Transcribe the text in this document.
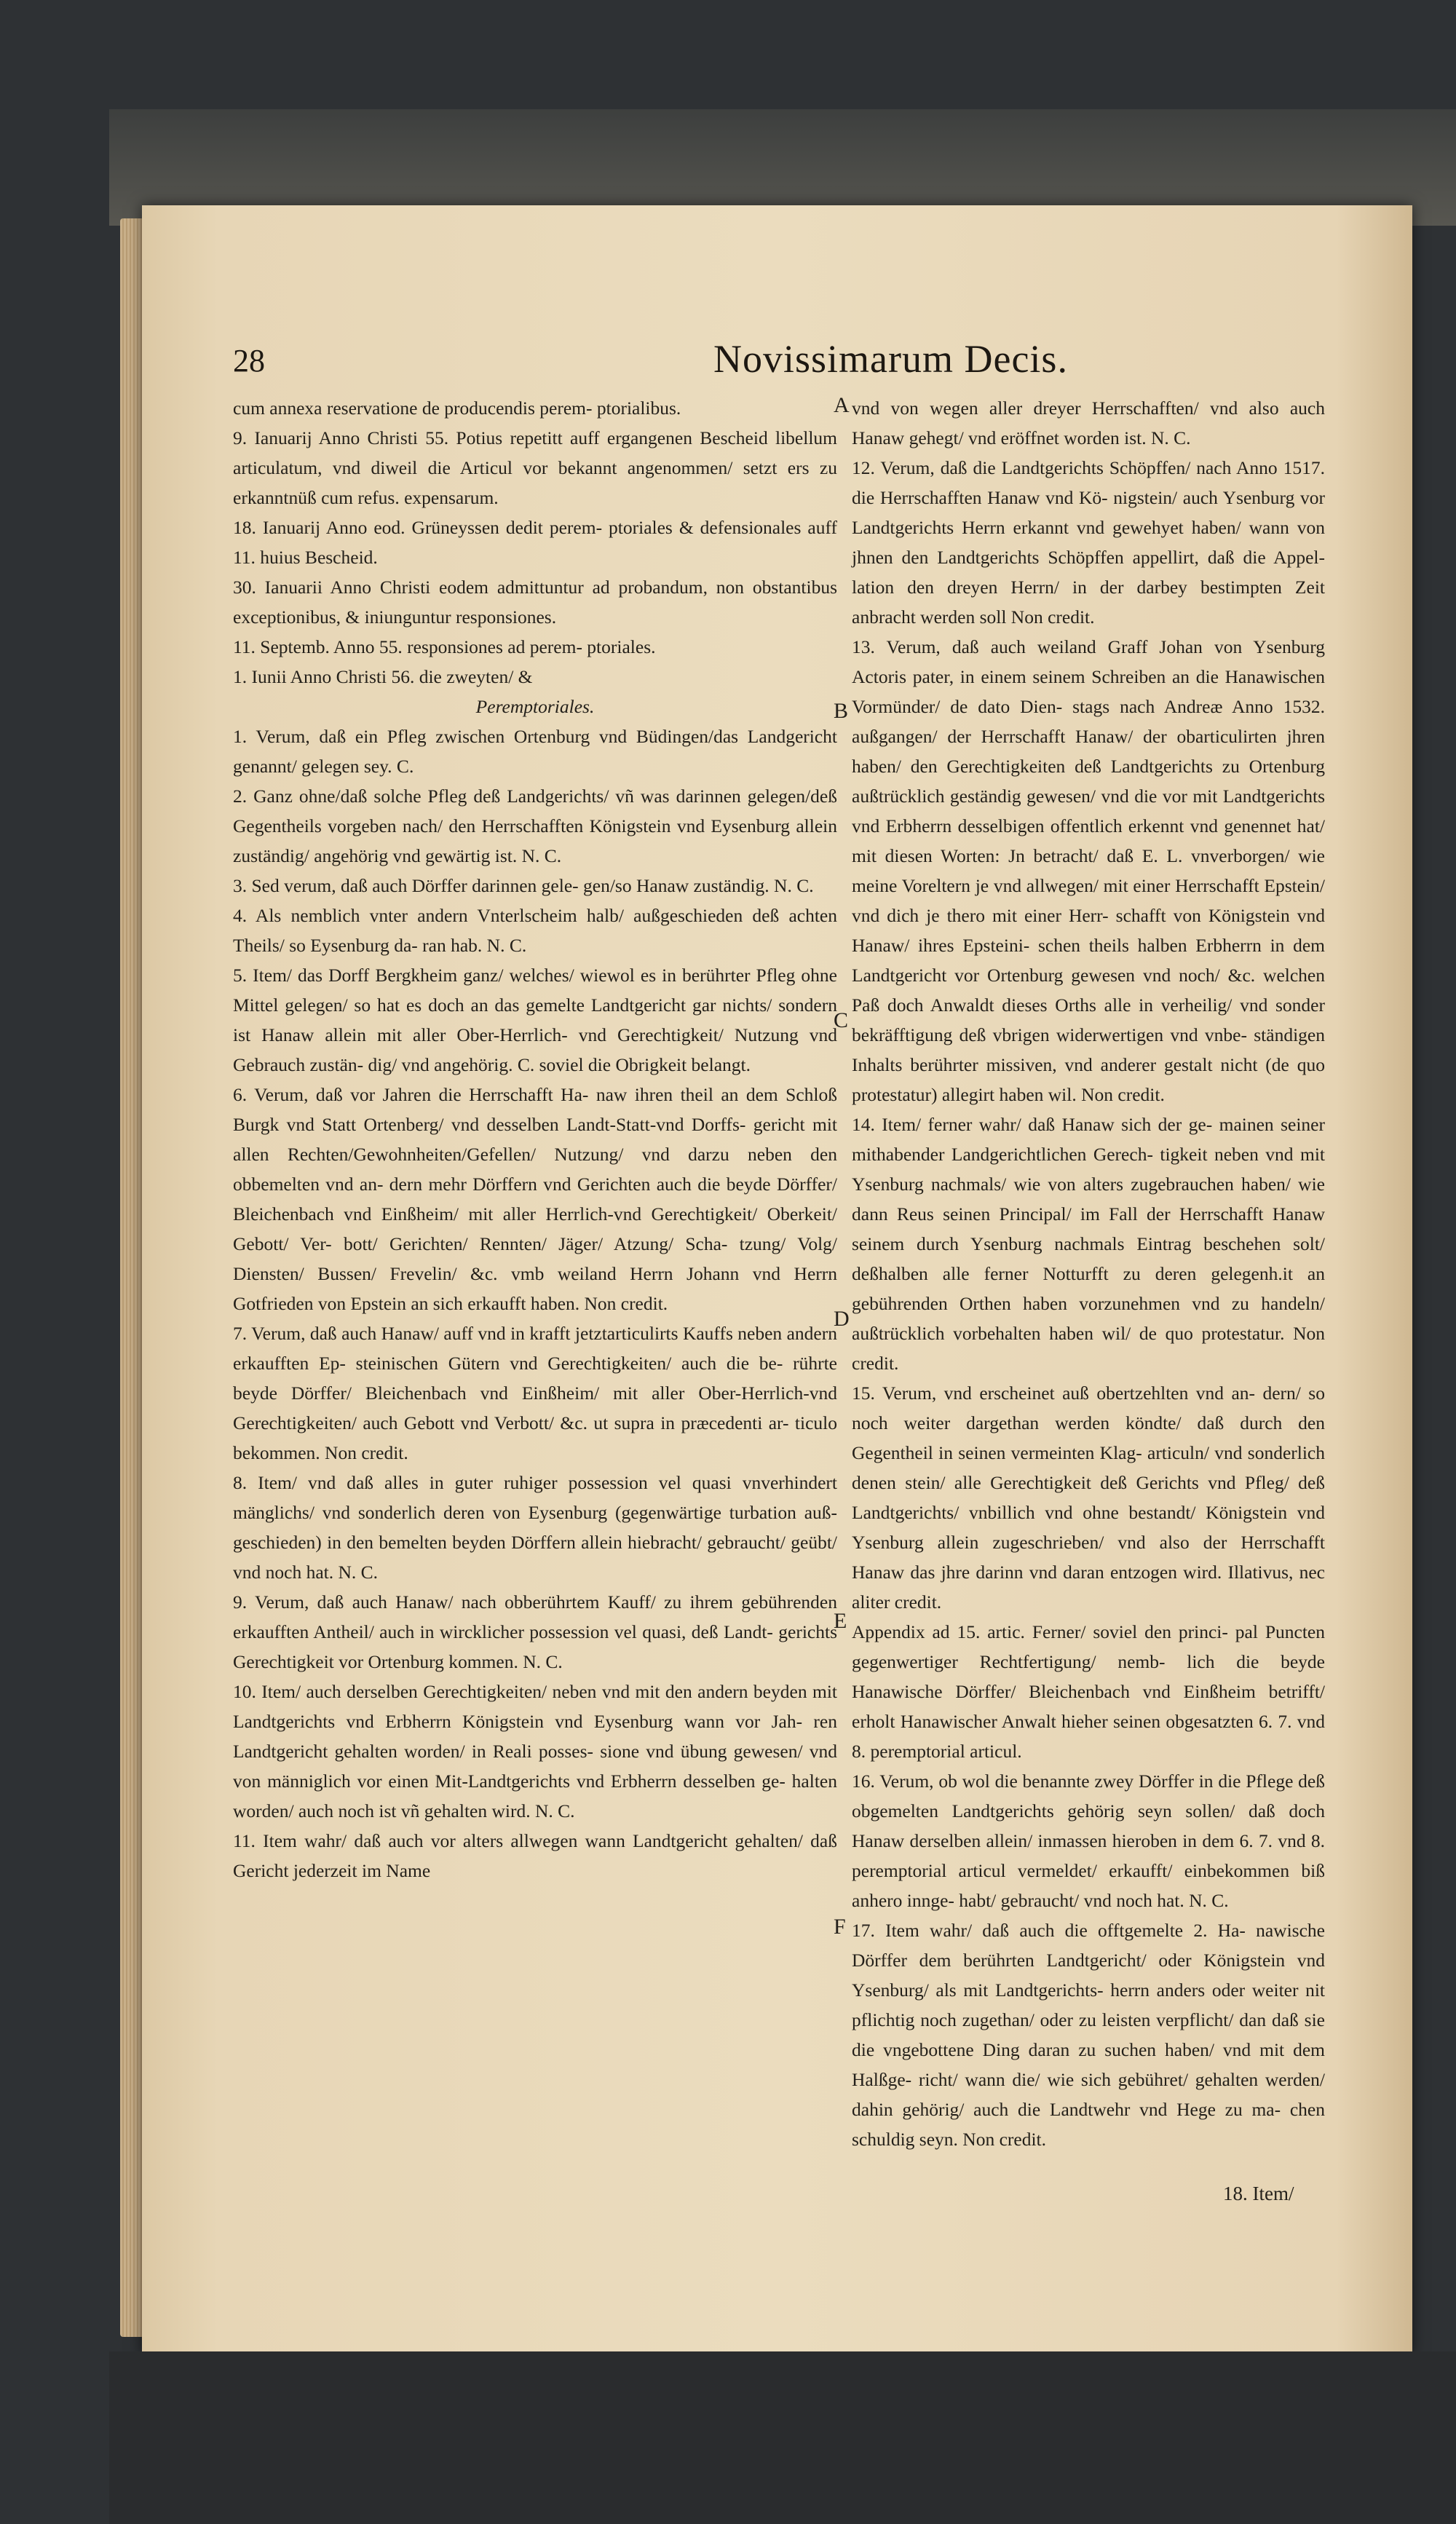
28	Novissimarum Decis.

cum annexa reservatione de producendis perem- ptorialibus.

9. Ianuarij Anno Christi 55. Potius repetitt auff ergangenen Bescheid libellum articulatum, vnd diweil die Articul vor bekannt angenommen/ setzt ers zu erkanntnüß cum refus. expensarum.

18. Ianuarij Anno eod. Grüneyssen dedit perem- ptoriales & defensionales auff 11. huius Bescheid.

30. Ianuarii Anno Christi eodem admittuntur ad probandum, non obstantibus exceptionibus, & iniunguntur responsiones.

11. Septemb. Anno 55. responsiones ad perem- ptoriales.

1. Iunii Anno Christi 56. die zweyten/ &

Peremptoriales.

1. Verum, daß ein Pfleg zwischen Ortenburg vnd Büdingen/das Landgericht genannt/ gelegen sey. C.

2. Ganz ohne/daß solche Pfleg deß Landgerichts/ vñ was darinnen gelegen/deß Gegentheils vorgeben nach/ den Herrschafften Königstein vnd Eysenburg allein zuständig/ angehörig vnd gewärtig ist. N. C.

3. Sed verum, daß auch Dörffer darinnen gele- gen/so Hanaw zuständig. N. C.

4. Als nemblich vnter andern Vnterlscheim halb/ außgeschieden deß achten Theils/ so Eysenburg da- ran hab. N. C.

5. Item/ das Dorff Bergkheim ganz/ welches/ wiewol es in berührter Pfleg ohne Mittel gelegen/ so hat es doch an das gemelte Landtgericht gar nichts/ sondern ist Hanaw allein mit aller Ober-Herrlich- vnd Gerechtigkeit/ Nutzung vnd Gebrauch zustän- dig/ vnd angehörig. C. soviel die Obrigkeit belangt.

6. Verum, daß vor Jahren die Herrschafft Ha- naw ihren theil an dem Schloß Burgk vnd Statt Ortenberg/ vnd desselben Landt-Statt-vnd Dorffs- gericht mit allen Rechten/Gewohnheiten/Gefellen/ Nutzung/ vnd darzu neben den obbemelten vnd an- dern mehr Dörffern vnd Gerichten auch die beyde Dörffer/ Bleichenbach vnd Einßheim/ mit aller Herrlich-vnd Gerechtigkeit/ Oberkeit/ Gebott/ Ver- bott/ Gerichten/ Rennten/ Jäger/ Atzung/ Scha- tzung/ Volg/ Diensten/ Bussen/ Frevelin/ &c. vmb weiland Herrn Johann vnd Herrn Gotfrieden von Epstein an sich erkaufft haben. Non credit.

7. Verum, daß auch Hanaw/ auff vnd in krafft jetztarticulirts Kauffs neben andern erkaufften Ep- steinischen Gütern vnd Gerechtigkeiten/ auch die be- rührte beyde Dörffer/ Bleichenbach vnd Einßheim/ mit aller Ober-Herrlich-vnd Gerechtigkeiten/ auch Gebott vnd Verbott/ &c. ut supra in præcedenti ar- ticulo bekommen. Non credit.

8. Item/ vnd daß alles in guter ruhiger possession vel quasi vnverhindert mänglichs/ vnd sonderlich deren von Eysenburg (gegenwärtige turbation auß- geschieden) in den bemelten beyden Dörffern allein hiebracht/ gebraucht/ geübt/ vnd noch hat. N. C.

9. Verum, daß auch Hanaw/ nach obberührtem Kauff/ zu ihrem gebührenden erkaufften Antheil/ auch in wircklicher possession vel quasi, deß Landt- gerichts Gerechtigkeit vor Ortenburg kommen. N. C.

10. Item/ auch derselben Gerechtigkeiten/ neben vnd mit den andern beyden mit Landtgerichts vnd Erbherrn Königstein vnd Eysenburg wann vor Jah- ren Landtgericht gehalten worden/ in Reali posses- sione vnd übung gewesen/ vnd von männiglich vor einen Mit-Landtgerichts vnd Erbherrn desselben ge- halten worden/ auch noch ist vñ gehalten wird. N. C.

11. Item wahr/ daß auch vor alters allwegen wann Landtgericht gehalten/ daß Gericht jederzeit im Name

vnd von wegen aller dreyer Herrschafften/ vnd also auch Hanaw gehegt/ vnd eröffnet worden ist. N. C.

12. Verum, daß die Landtgerichts Schöpffen/ nach Anno 1517. die Herrschafften Hanaw vnd Kö- nigstein/ auch Ysenburg vor Landtgerichts Herrn erkannt vnd gewehyet haben/ wann von jhnen den Landtgerichts Schöpffen appellirt, daß die Appel- lation den dreyen Herrn/ in der darbey bestimpten Zeit anbracht werden soll Non credit.

13. Verum, daß auch weiland Graff Johan von Ysenburg Actoris pater, in einem seinem Schreiben an die Hanawischen Vormünder/ de dato Dien- stags nach Andreæ Anno 1532. außgangen/ der Herrschafft Hanaw/ der obarticulirten jhren haben/ den Gerechtigkeiten deß Landtgerichts zu Ortenburg außtrücklich geständig gewesen/ vnd die vor mit Landtgerichts vnd Erbherrn desselbigen offentlich erkennt vnd genennet hat/ mit diesen Worten: Jn betracht/ daß E. L. vnverborgen/ wie meine Voreltern je vnd allwegen/ mit einer Herrschafft Epstein/ vnd dich je thero mit einer Herr- schafft von Königstein vnd Hanaw/ ihres Epsteini- schen theils halben Erbherrn in dem Landtgericht vor Ortenburg gewesen vnd noch/ &c. welchen Paß doch Anwaldt dieses Orths alle in verheilig/ vnd sonder bekräfftigung deß vbrigen widerwertigen vnd vnbe- ständigen Inhalts berührter missiven, vnd anderer gestalt nicht (de quo protestatur) allegirt haben wil. Non credit.

14. Item/ ferner wahr/ daß Hanaw sich der ge- mainen seiner mithabender Landgerichtlichen Gerech- tigkeit neben vnd mit Ysenburg nachmals/ wie von alters zugebrauchen haben/ wie dann Reus seinen Principal/ im Fall der Herrschafft Hanaw seinem durch Ysenburg nachmals Eintrag beschehen solt/ deßhalben alle ferner Notturfft zu deren gelegenh.it an gebührenden Orthen haben vorzunehmen vnd zu handeln/ außtrücklich vorbehalten haben wil/ de quo protestatur. Non credit.

15. Verum, vnd erscheinet auß obertzehlten vnd an- dern/ so noch weiter dargethan werden köndte/ daß durch den Gegentheil in seinen vermeinten Klag- articuln/ vnd sonderlich denen stein/ alle Gerechtigkeit deß Gerichts vnd Pfleg/ deß Landtgerichts/ vnbillich vnd ohne bestandt/ Königstein vnd Ysenburg allein zugeschrieben/ vnd also der Herrschafft Hanaw das jhre darinn vnd daran entzogen wird. Illativus, nec aliter credit.

Appendix ad 15. artic. Ferner/ soviel den princi- pal Puncten gegenwertiger Rechtfertigung/ nemb- lich die beyde Hanawische Dörffer/ Bleichenbach vnd Einßheim betrifft/ erholt Hanawischer Anwalt hieher seinen obgesatzten 6. 7. vnd 8. peremptorial articul.

16. Verum, ob wol die benannte zwey Dörffer in die Pflege deß obgemelten Landtgerichts gehörig seyn sollen/ daß doch Hanaw derselben allein/ inmassen hieroben in dem 6. 7. vnd 8. peremptorial articul vermeldet/ erkaufft/ einbekommen biß anhero innge- habt/ gebraucht/ vnd noch hat. N. C.

17. Item wahr/ daß auch die offtgemelte 2. Ha- nawische Dörffer dem berührten Landtgericht/ oder Königstein vnd Ysenburg/ als mit Landtgerichts- herrn anders oder weiter nit pflichtig noch zugethan/ oder zu leisten verpflicht/ dan daß sie die vngebottene Ding daran zu suchen haben/ vnd mit dem Halßge- richt/ wann die/ wie sich gebühret/ gehalten werden/ dahin gehörig/ auch die Landtwehr vnd Hege zu ma- chen schuldig seyn. Non credit.

A
B
C
D
E
F
18. Item/
